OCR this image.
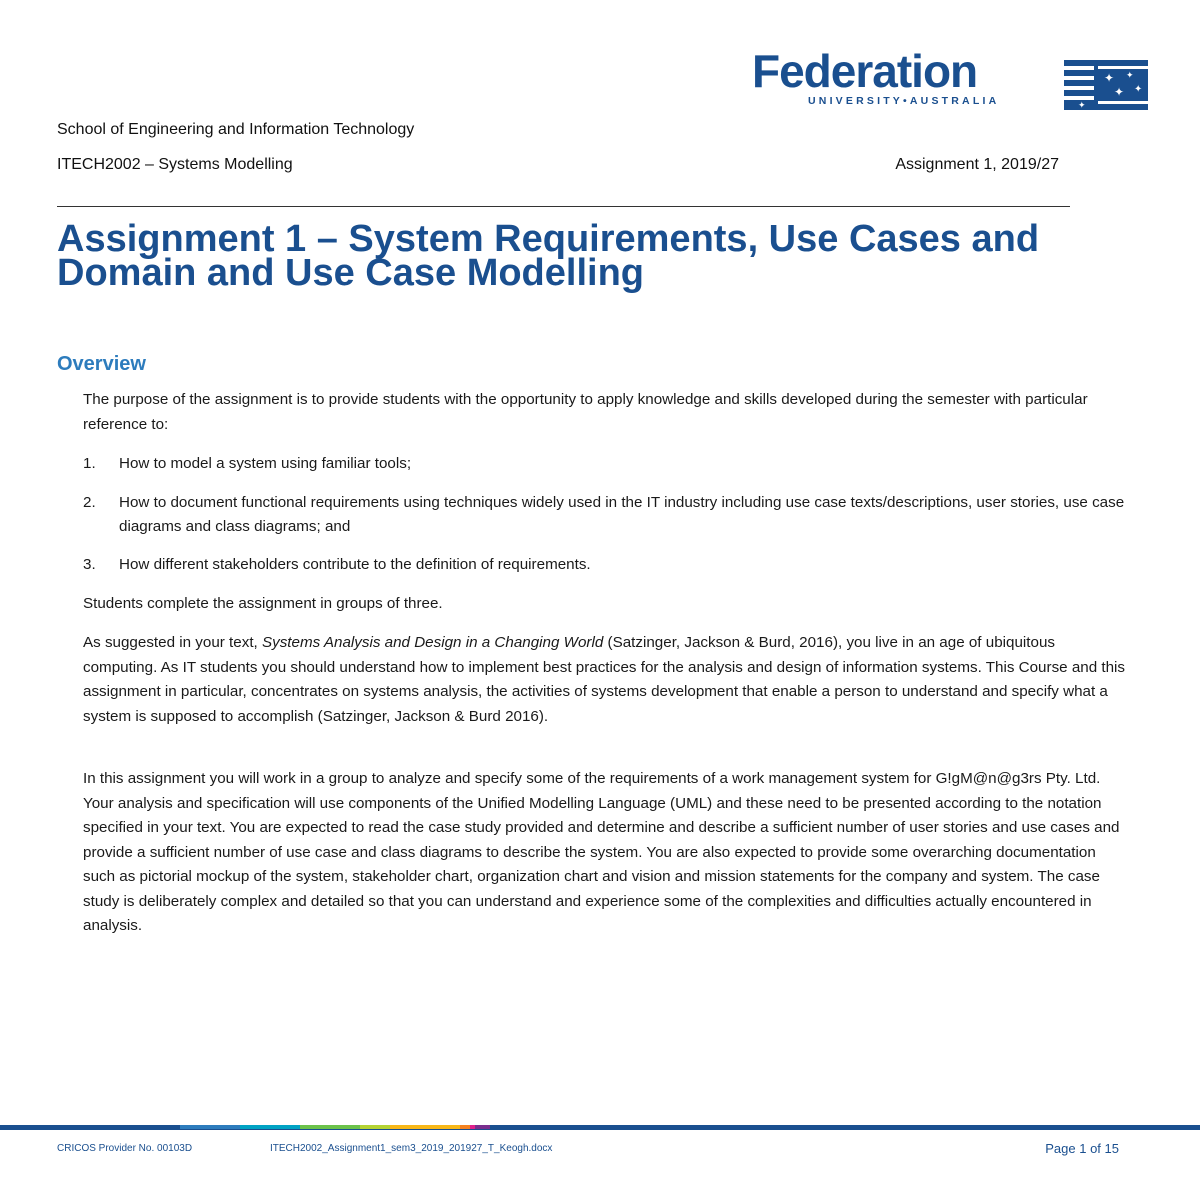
Federation
UNIVERSITY•AUSTRALIA
✦ ✦
✦ ✦
✦
School of Engineering and Information Technology
ITECH2002 – Systems Modelling	Assignment 1, 2019/27
Assignment 1 – System Requirements, Use Cases and Domain and Use Case Modelling
Overview
The purpose of the assignment is to provide students with the opportunity to apply knowledge and skills developed during the semester with particular reference to:
1. How to model a system using familiar tools;
2. How to document functional requirements using techniques widely used in the IT industry including use case texts/descriptions, user stories, use case diagrams and class diagrams; and
3. How different stakeholders contribute to the definition of requirements.
Students complete the assignment in groups of three.
As suggested in your text, Systems Analysis and Design in a Changing World (Satzinger, Jackson & Burd, 2016), you live in an age of ubiquitous computing. As IT students you should understand how to implement best practices for the analysis and design of information systems. This Course and this assignment in particular, concentrates on systems analysis, the activities of systems development that enable a person to understand and specify what a system is supposed to accomplish (Satzinger, Jackson & Burd 2016).
In this assignment you will work in a group to analyze and specify some of the requirements of a work management system for G!gM@n@g3rs Pty. Ltd. Your analysis and specification will use components of the Unified Modelling Language (UML) and these need to be presented according to the notation specified in your text. You are expected to read the case study provided and determine and describe a sufficient number of user stories and use cases and provide a sufficient number of use case and class diagrams to describe the system. You are also expected to provide some overarching documentation such as pictorial mockup of the system, stakeholder chart, organization chart and vision and mission statements for the company and system. The case study is deliberately complex and detailed so that you can understand and experience some of the complexities and difficulties actually encountered in analysis.
CRICOS Provider No. 00103D	ITECH2002_Assignment1_sem3_2019_201927_T_Keogh.docx	Page 1 of 15
